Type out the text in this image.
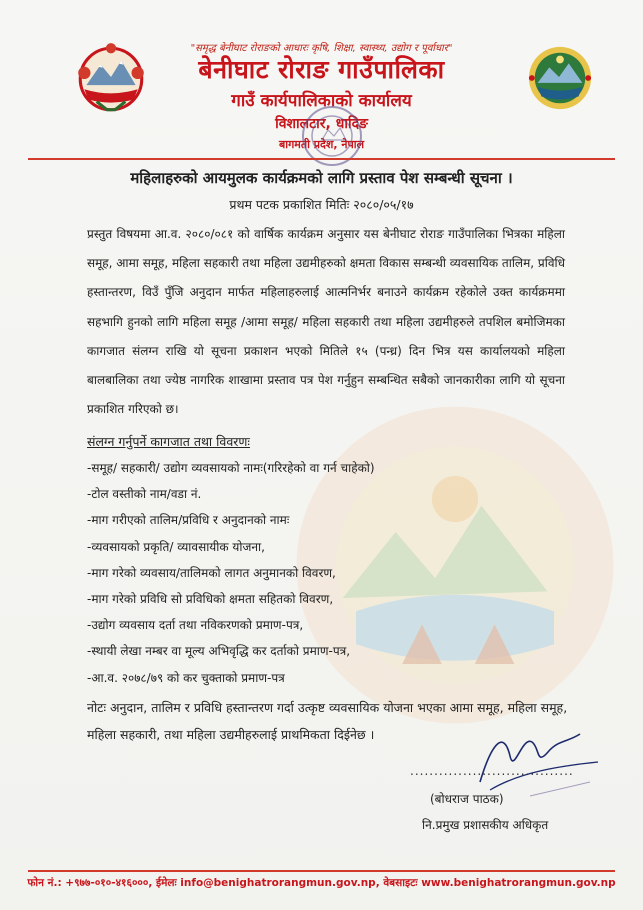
"समृद्ध बेनीघाट रोराङको आधारः कृषि, शिक्षा, स्वास्थ्य, उद्योग र पूर्वाधार"
बेनीघाट रोराङ गाउँपालिका
गाउँ कार्यपालिकाको कार्यालय
विशालटार, धादिङ
बागमती प्रदेश, नेपाल
महिलाहरुको आयमुलक कार्यक्रमको लागि प्रस्ताव पेश सम्बन्धी सूचना ।
प्रथम पटक प्रकाशित मितिः २०८०/०५/१७

प्रस्तुत विषयमा आ.व. २०८०/०८१ को वार्षिक कार्यक्रम अनुसार यस बेनीघाट रोराङ गाउँपालिका भित्रका महिला समूह, आमा समूह, महिला सहकारी तथा महिला उद्यमीहरुको क्षमता विकास सम्बन्धी व्यवसायिक तालिम, प्रविधि हस्तान्तरण, विउँ पुँजि अनुदान मार्फत महिलाहरुलाई आत्मनिर्भर बनाउने कार्यक्रम रहेकोले उक्त कार्यक्रममा सहभागि हुनको लागि महिला समूह /आमा समूह/ महिला सहकारी तथा महिला उद्यमीहरुले तपशिल बमोजिमका कागजात संलग्न राखि यो सूचना प्रकाशन भएको मितिले १५ (पन्ध्र) दिन भित्र यस कार्यालयको महिला बालबालिका तथा ज्येष्ठ नागरिक शाखामा प्रस्ताव पत्र पेश गर्नुहुन सम्बन्धित सबैको जानकारीका लागि यो सूचना प्रकाशित गरिएको छ।

संलग्न गर्नुपर्ने कागजात तथा विवरणः
-समूह/ सहकारी/ उद्योग व्यवसायको नामः(गरिरहेको वा गर्न चाहेको)
-टोल वस्तीको नाम/वडा नं.
-माग गरीएको तालिम/प्रविधि र अनुदानको नामः
-व्यवसायको प्रकृति/ व्यावसायीक योजना,
-माग गरेको व्यवसाय/तालिमको लागत अनुमानको विवरण,
-माग गरेको प्रविधि सो प्रविधिको क्षमता सहितको विवरण,
-उद्योग व्यवसाय दर्ता तथा नविकरणको प्रमाण-पत्र,
-स्थायी लेखा नम्बर वा मूल्य अभिवृद्धि कर दर्ताको प्रमाण-पत्र,
-आ.व. २०७८/७९ को कर चुक्ताको प्रमाण-पत्र

नोटः अनुदान, तालिम र प्रविधि हस्तान्तरण गर्दा उत्कृष्ट व्यवसायिक योजना भएका आमा समूह, महिला समूह, महिला सहकारी, तथा महिला उद्यमीहरुलाई प्राथमिकता दिईनेछ ।

..................................
(बोधराज पाठक)
नि.प्रमुख प्रशासकीय अधिकृत
फोन नं.: +९७७-०१०-४१६०००, ईमेलः info@benighatrorangmun.gov.np, वेबसाइटः www.benighatrorangmun.gov.np
